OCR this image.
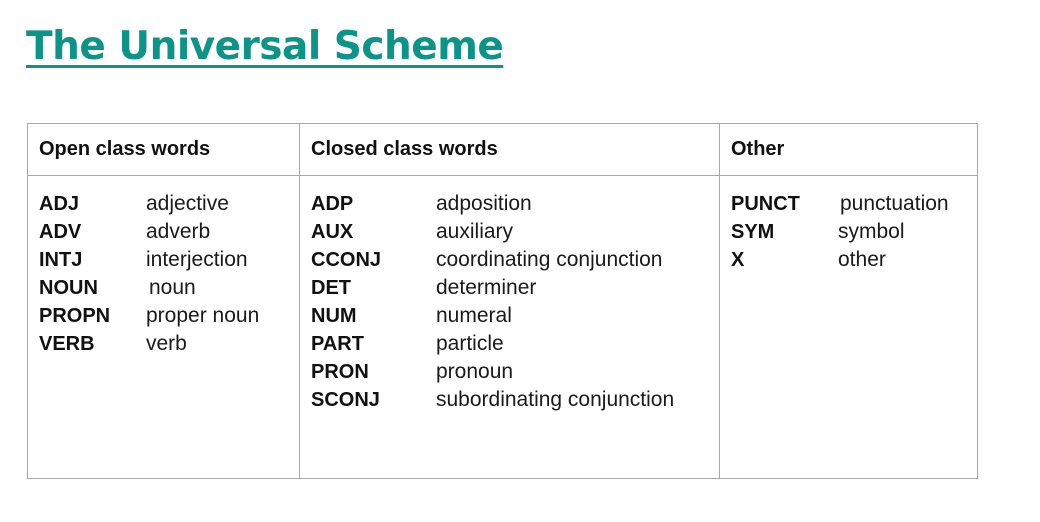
The Universal Scheme
Open class words
ADJ	adjective
ADV	adverb
INTJ	interjection
NOUN	noun
PROPN	proper noun
VERB	verb
Closed class words
ADP	adposition
AUX	auxiliary
CCONJ	coordinating conjunction
DET	determiner
NUM	numeral
PART	particle
PRON	pronoun
SCONJ	subordinating conjunction
Other
PUNCT	punctuation
SYM	symbol
X	other
